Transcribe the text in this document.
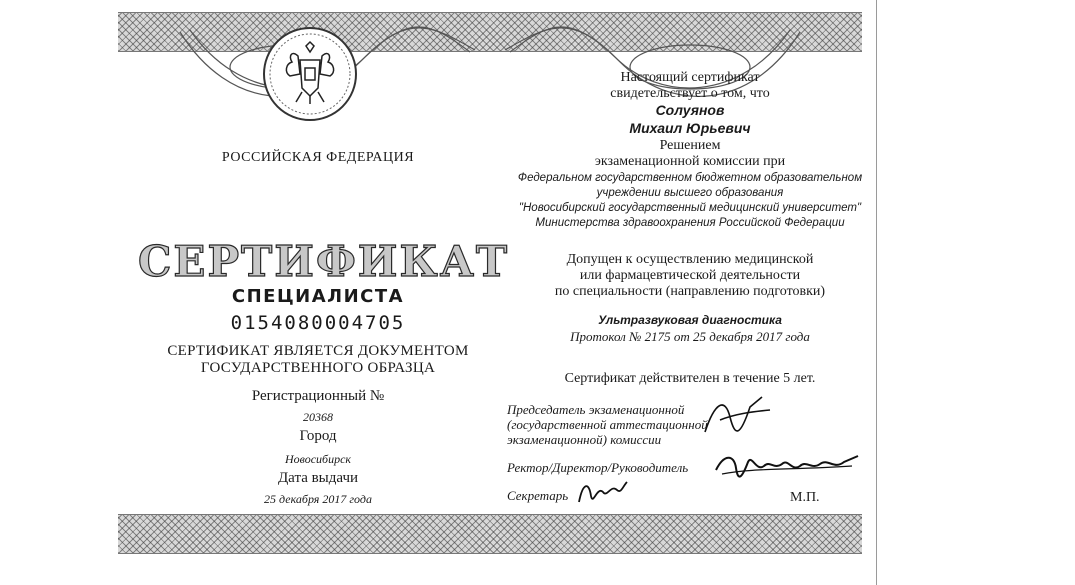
РОССИЙСКАЯ ФЕДЕРАЦИЯ
СЕРТИФИКАТ
СПЕЦИАЛИСТА
0154080004705
СЕРТИФИКАТ ЯВЛЯЕТСЯ ДОКУМЕНТОМ
ГОСУДАРСТВЕННОГО ОБРАЗЦА
Регистрационный №
20368
Город
Новосибирск
Дата выдачи
25 декабря 2017 года
Настоящий сертификат
свидетельствует о том, что
Солуянов
Михаил Юрьевич
Решением
экзаменационной комиссии при
Федеральном государственном бюджетном образовательном
учреждении высшего образования
"Новосибирский государственный медицинский университет"
Министерства здравоохранения Российской Федерации
Допущен к осуществлению медицинской
или фармацевтической деятельности
по специальности (направлению подготовки)
Ультразвуковая диагностика
Протокол № 2175 от 25 декабря 2017 года
Сертификат действителен в течение 5 лет.
Председатель экзаменационной
(государственной аттестационной
экзаменационной) комиссии
Ректор/Директор/Руководитель
Секретарь	М.П.
